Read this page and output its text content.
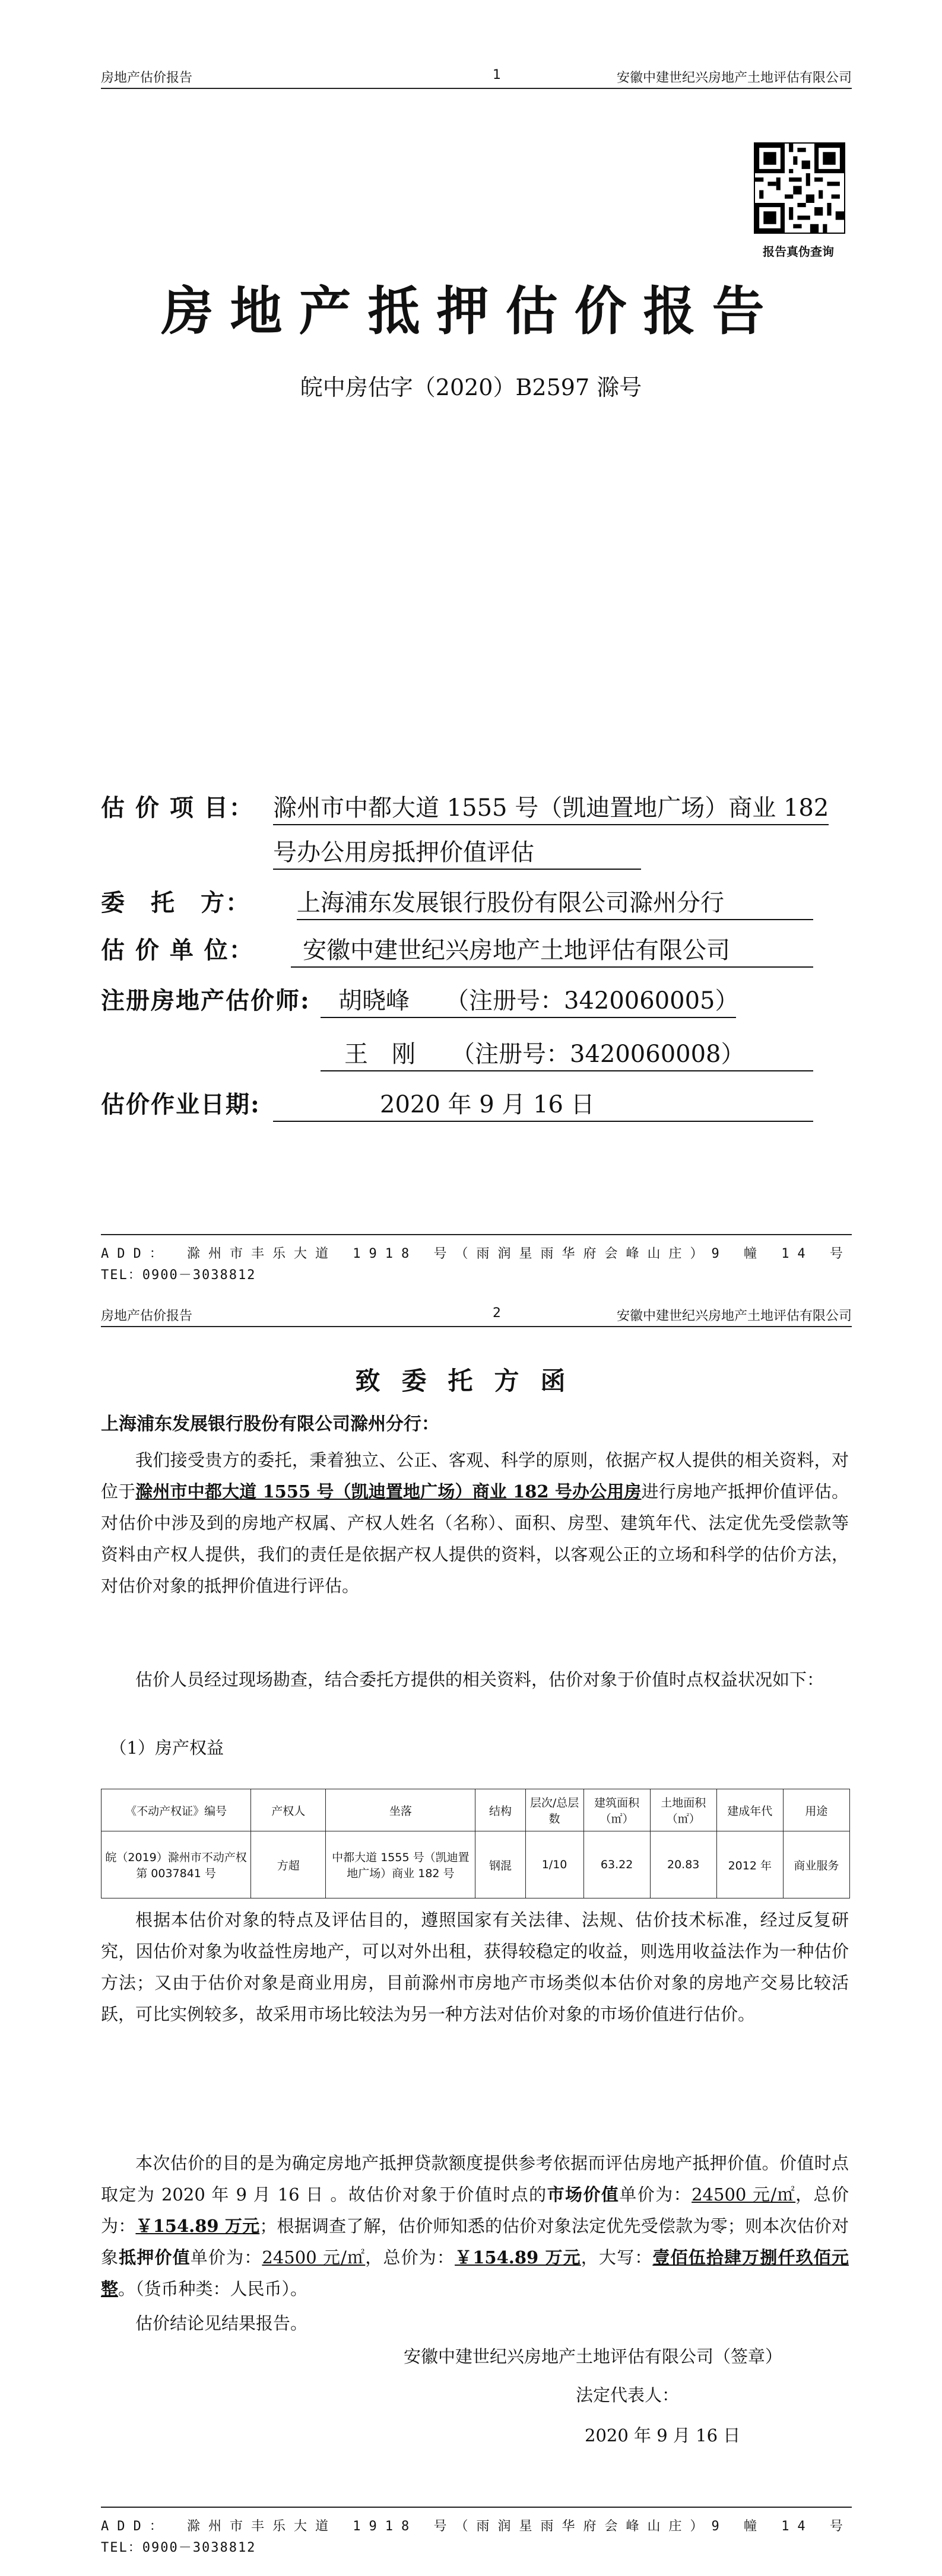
房地产估价报告	1	安徽中建世纪兴房地产土地评估有限公司
报告真伪查询
房地产抵押估价报告
皖中房估字（2020）B2597 滁号
估 价 项 目： 滁州市中都大道 1555 号（凯迪置地广场）商业 182
号办公用房抵押价值评估
委　托　方： 上海浦东发展银行股份有限公司滁州分行
估 价 单 位：	安徽中建世纪兴房地产土地评估有限公司
注册房地产估价师:	胡晓峰　　（注册号：3420060005）
王　刚　　（注册号：3420060008）
估价作业日期:	2020 年 9 月 16 日
ADD： 滁州市丰乐大道 1918 号（雨润星雨华府会峰山庄）9 幢 14 号
TEL：0900－3038812
房地产估价报告	2	安徽中建世纪兴房地产土地评估有限公司
致委托方函
上海浦东发展银行股份有限公司滁州分行：
我们接受贵方的委托，秉着独立、公正、客观、科学的原则，依据产权人提供的相关资料，对位于滁州市中都大道 1555 号（凯迪置地广场）商业 182 号办公用房进行房地产抵押价值评估。对估价中涉及到的房地产权属、产权人姓名（名称）、面积、房型、建筑年代、法定优先受偿款等资料由产权人提供，我们的责任是依据产权人提供的资料，以客观公正的立场和科学的估价方法，对估价对象的抵押价值进行评估。
估价人员经过现场勘查，结合委托方提供的相关资料，估价对象于价值时点权益状况如下：
（1）房产权益
《不动产权证》编号	产权人	坐落	结构	层次/总层数	建筑面积（㎡）	土地面积（㎡）	建成年代	用途
皖（2019）滁州市不动产权第 0037841 号	方超	中都大道 1555 号（凯迪置地广场）商业 182 号	钢混	1/10	63.22	20.83	2012 年	商业服务
根据本估价对象的特点及评估目的，遵照国家有关法律、法规、估价技术标准，经过反复研究，因估价对象为收益性房地产，可以对外出租，获得较稳定的收益，则选用收益法作为一种估价方法；又由于估价对象是商业用房，目前滁州市房地产市场类似本估价对象的房地产交易比较活跃，可比实例较多，故采用市场比较法为另一种方法对估价对象的市场价值进行估价。
本次估价的目的是为确定房地产抵押贷款额度提供参考依据而评估房地产抵押价值。价值时点取定为 2020 年 9 月 16 日 。故估价对象于价值时点的市场价值单价为：24500 元/㎡，总价为：￥154.89 万元；根据调查了解，估价师知悉的估价对象法定优先受偿款为零；则本次估价对象抵押价值单价为：24500 元/㎡，总价为：￥154.89 万元，大写：壹佰伍拾肆万捌仟玖佰元整。（货币种类：人民币）。
估价结论见结果报告。
安徽中建世纪兴房地产土地评估有限公司（签章）
法定代表人：
2020 年 9 月 16 日
ADD： 滁州市丰乐大道 1918 号（雨润星雨华府会峰山庄）9 幢 14 号
TEL：0900－3038812
